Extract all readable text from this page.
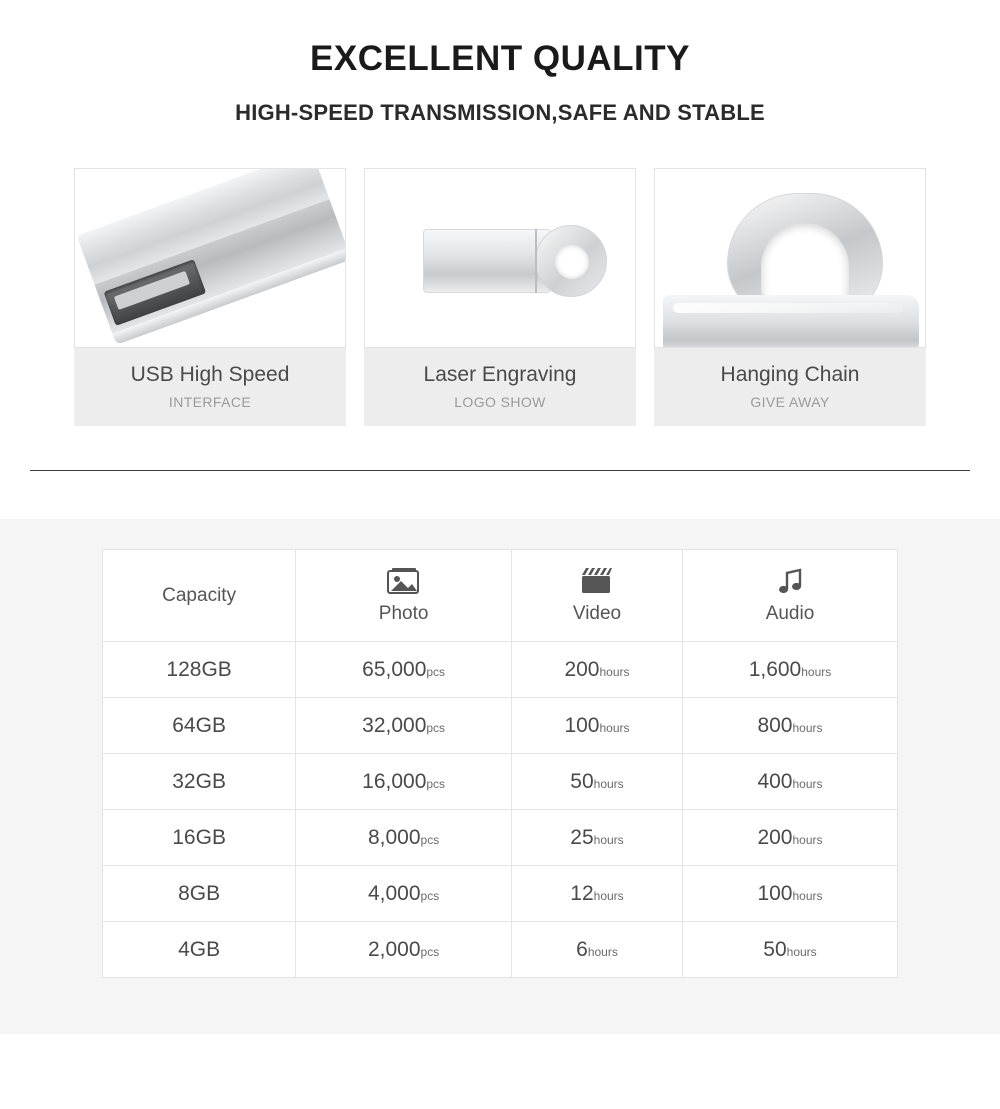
EXCELLENT QUALITY
HIGH-SPEED TRANSMISSION,SAFE AND STABLE
USB High Speed
INTERFACE
Laser Engraving
LOGO SHOW
Hanging Chain
GIVE AWAY
Capacity	Photo	Video	Audio
128GB	65,000pcs	200hours	1,600hours
64GB	32,000pcs	100hours	800hours
32GB	16,000pcs	50hours	400hours
16GB	8,000pcs	25hours	200hours
8GB	4,000pcs	12hours	100hours
4GB	2,000pcs	6hours	50hours
